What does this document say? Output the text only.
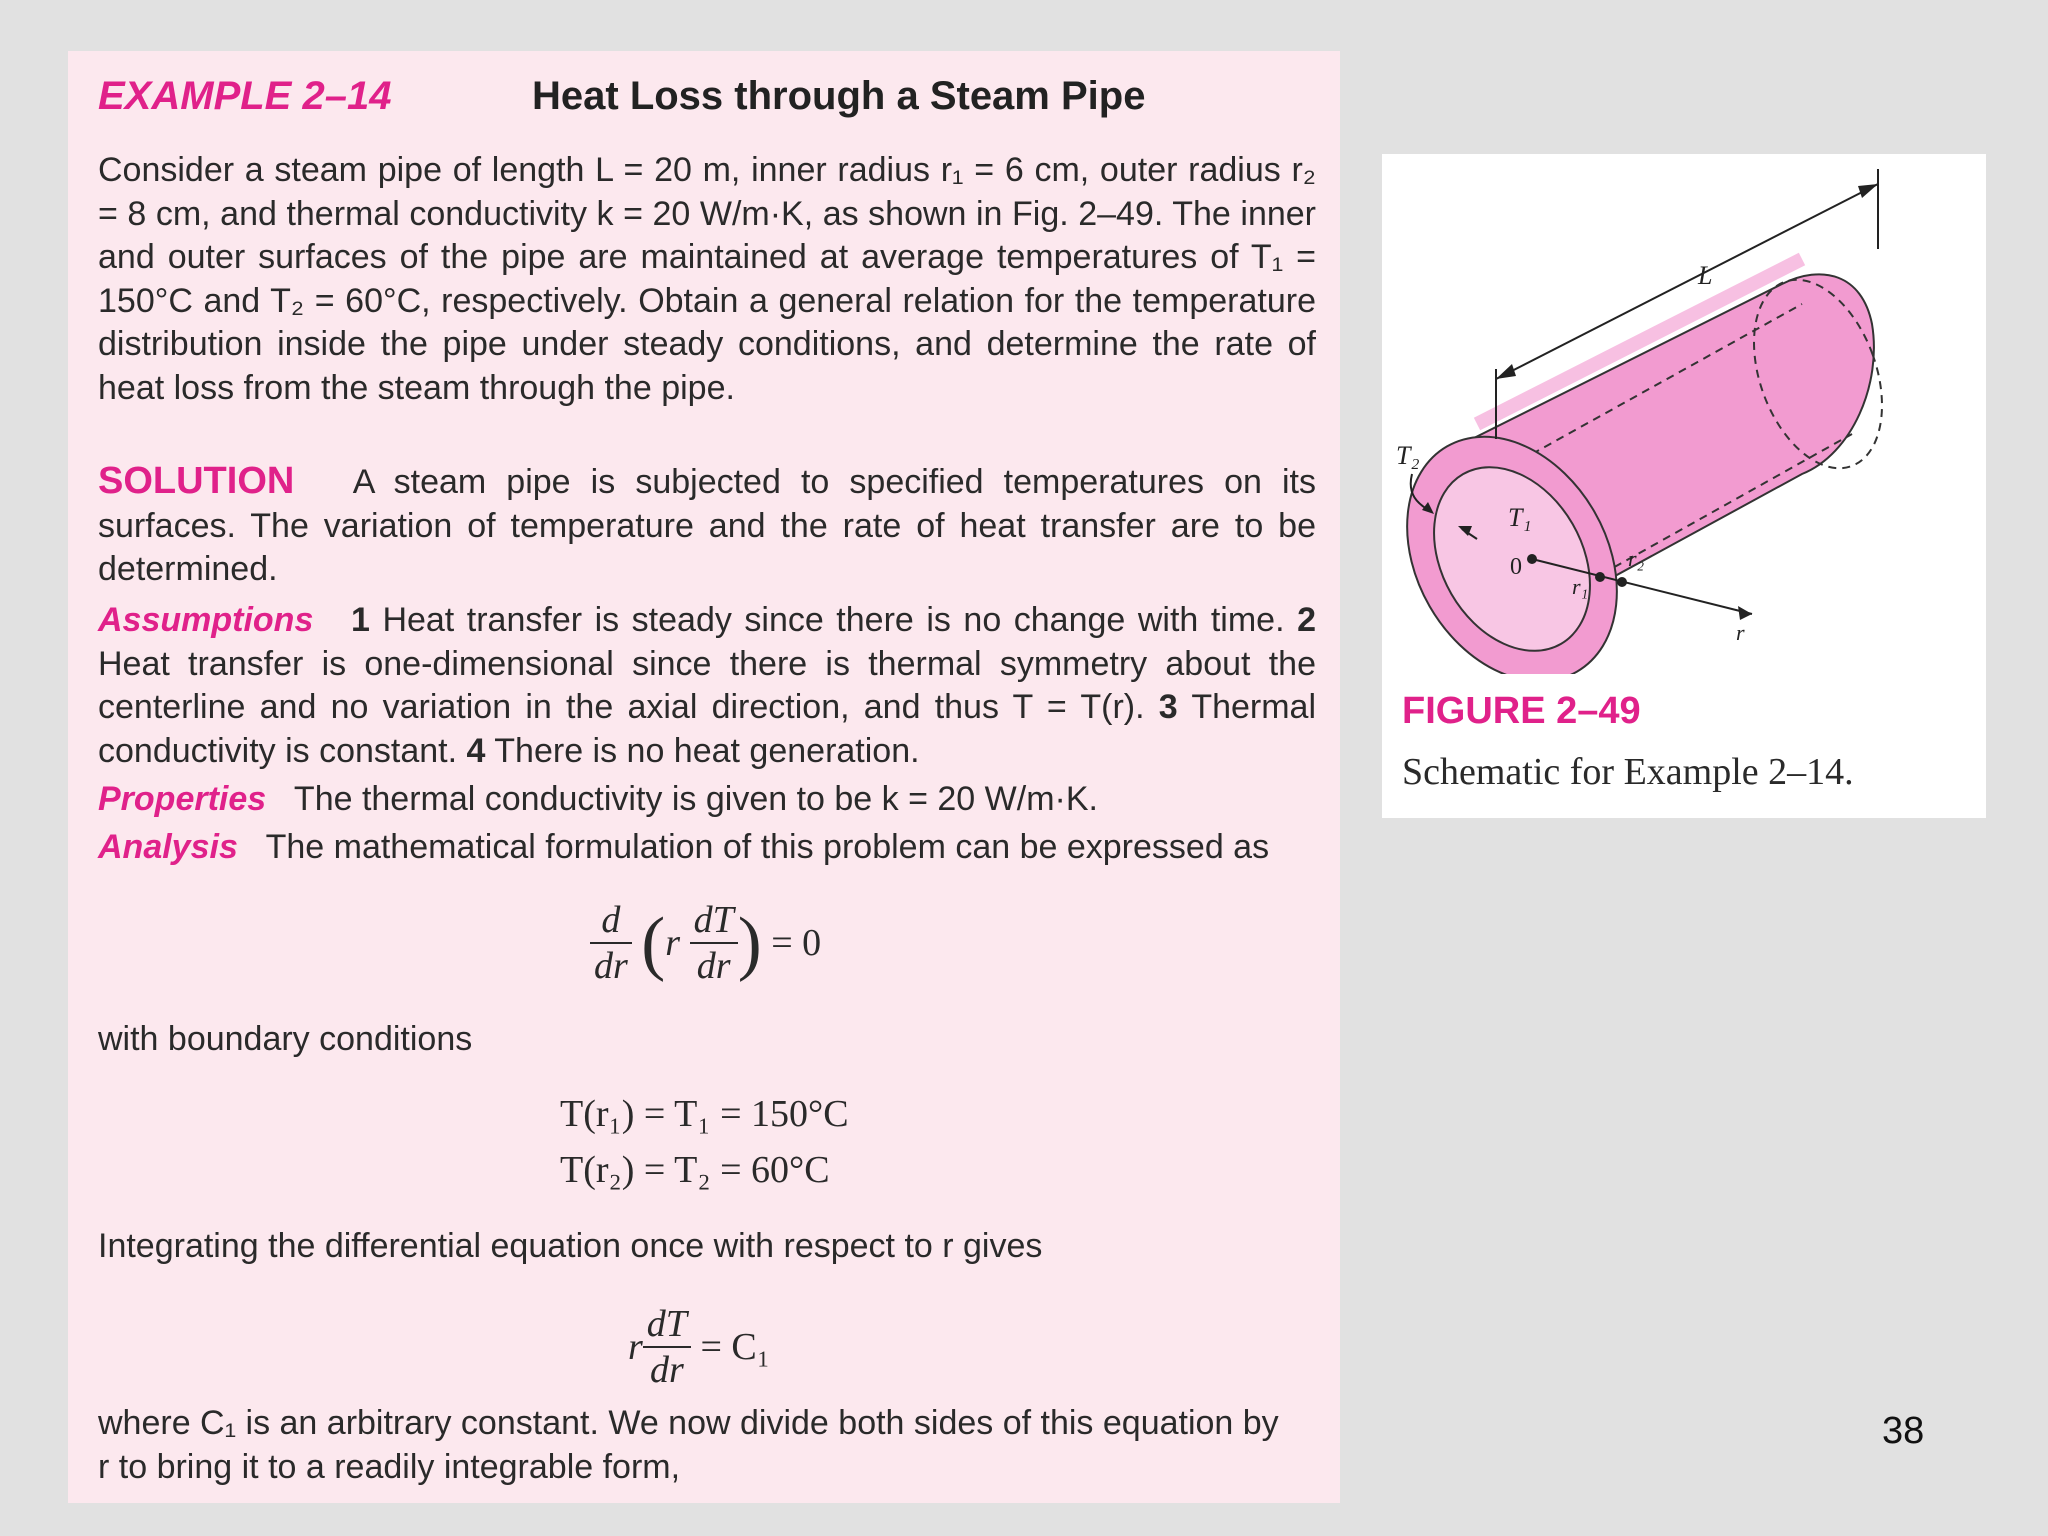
EXAMPLE 2–14	Heat Loss through a Steam Pipe
Consider a steam pipe of length L = 20 m, inner radius r₁ = 6 cm, outer radius r₂ = 8 cm, and thermal conductivity k = 20 W/m·K, as shown in Fig. 2–49. The inner and outer surfaces of the pipe are maintained at average temperatures of T₁ = 150°C and T₂ = 60°C, respectively. Obtain a general relation for the temperature distribution inside the pipe under steady conditions, and determine the rate of heat loss from the steam through the pipe.
SOLUTION A steam pipe is subjected to specified temperatures on its surfaces. The variation of temperature and the rate of heat transfer are to be determined.
Assumptions 1 Heat transfer is steady since there is no change with time. 2 Heat transfer is one-dimensional since there is thermal symmetry about the centerline and no variation in the axial direction, and thus T = T(r). 3 Thermal conductivity is constant. 4 There is no heat generation.
Properties The thermal conductivity is given to be k = 20 W/m·K.
Analysis The mathematical formulation of this problem can be expressed as
$\frac{d}{dr} (r \frac{dT}{dr}$ ) = 0
with boundary conditions
T(r₁) = T₁ = 150°C
T(r₂) = T₂ = 60°C
Integrating the differential equation once with respect to r gives
r $\frac{dT}{dr} = C_1$
where C₁ is an arbitrary constant. We now divide both sides of this equation by
r to bring it to a readily integrable form,
L
T₂
T₁
0
r₁
r₂
r
FIGURE 2–49
Schematic for Example 2–14.
38
